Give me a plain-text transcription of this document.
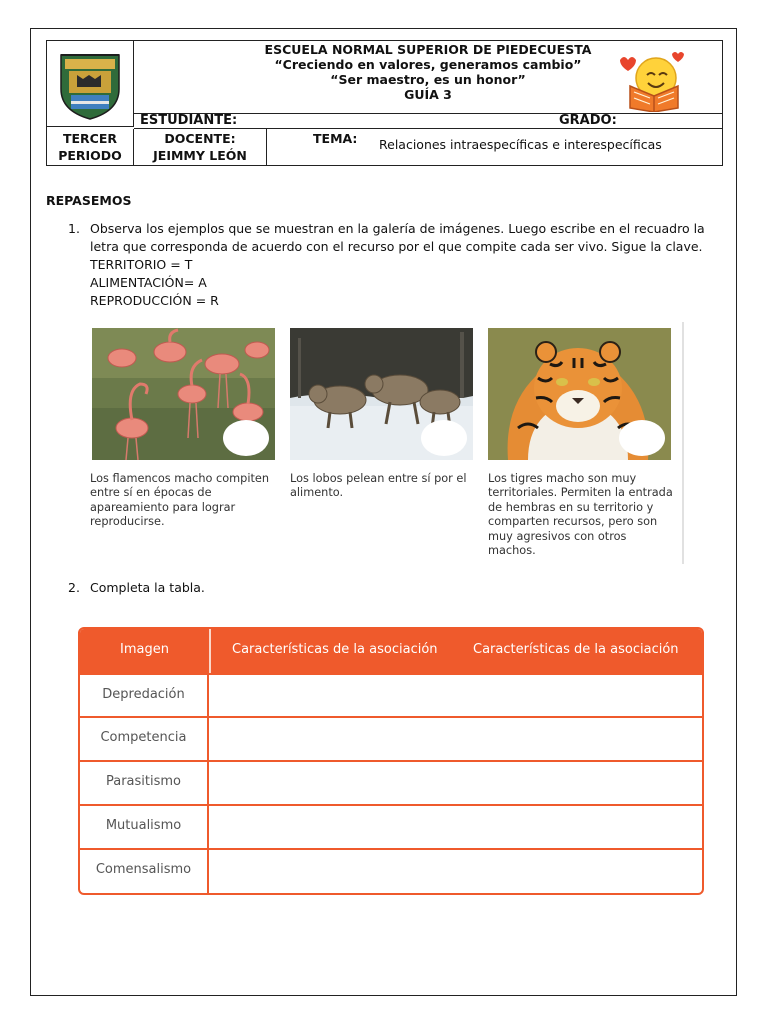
ESCUELA NORMAL SUPERIOR DE PIEDECUESTA
“Creciendo en valores, generamos cambio”
“Ser maestro, es un honor”
GUÍA 3
ESTUDIANTE:	GRADO:
TERCER
PERIODO
DOCENTE:
JEIMMY LEÓN
TEMA: Relaciones intraespecíficas e interespecíficas
REPASEMOS
1. Observa los ejemplos que se muestran en la galería de imágenes. Luego escribe en el recuadro la letra que corresponda de acuerdo con el recurso por el que compite cada ser vivo. Sigue la clave.
TERRITORIO = T
ALIMENTACIÓN= A
REPRODUCCIÓN = R
Los flamencos macho compiten entre sí en épocas de apareamiento para lograr reproducirse.
Los lobos pelean entre sí por el alimento.
Los tigres macho son muy territoriales. Permiten la entrada de hembras en su territorio y comparten recursos, pero son muy agresivos con otros machos.
2. Completa la tabla.
Imagen	Características de la asociación	Características de la asociación
Depredación
Competencia
Parasitismo
Mutualismo
Comensalismo
